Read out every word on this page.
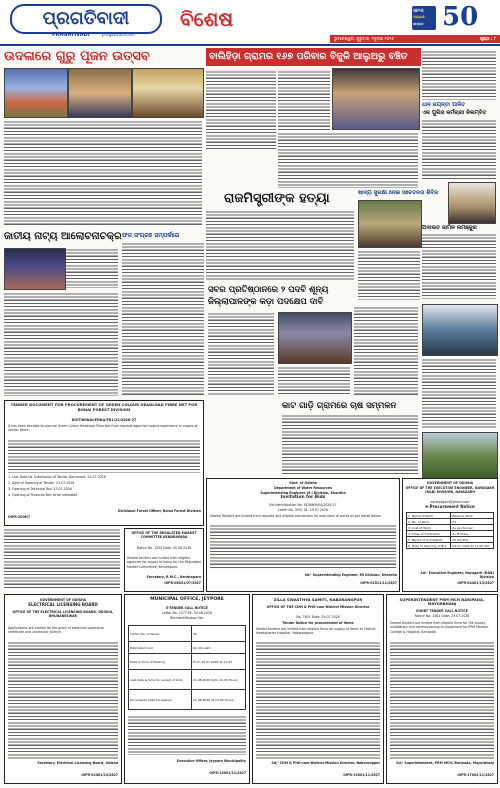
ପ୍ରଗତିବାଦୀ
PRAGATIVADI	pragativadi.com
ବିଶେଷ	ଗୁରୁତ୍ୱ
ଅଗ୍ରଣୀ
ସମ୍ବାଦ 50
ଭୁବନେଶ୍ୱର, ଗୁରୁବାର, ୨ଜୁଲାଇ ୨୦୨୬	ପୃଷ୍ଠା : ୮
ଉଦଳାରେ ଗୁରୁ ପୂଜନ ଉତ୍ସବ	ବାଲିହିଡ଼ା ଗ୍ରାମର ୧୬୭ ପରିବାର ବିଜୁଳି ଆଲୁଅରୁ ବଞ୍ଚିତ
ଧାନ ଜୟନ୍ତୀ ପାଳିତ
ଏକ ପୁଲିସ କର୍ମଚାରୀ ନିଲମ୍ବିତ
ଅଦାଲତ ଜାମିନ ନାମଞ୍ଜୁର
ରାଜମିସ୍ତ୍ରୀଙ୍କ ହତ୍ୟା	ଖାଦ୍ୟ ସୁରକ୍ଷା ନେଇ ସଚେତନତା ଶିବିର
ଜାତୀୟ ନାଟ୍ୟ ଆଲୋଚନାଚକ୍ର ଫଳ ସଂଗ୍ରହ ସମ୍ପର୍କରେ
ସବର ପ୍ରତିଷ୍ଠାନରେ ୨ ପଦବି ଶୂନ୍ୟ
ଜିଲ୍ଲାପାଳଙ୍କ କଡ଼ା ପଦକ୍ଷେପ ଦାବି
କାଟ ଗାଡ଼ି ଗ୍ରାମରେ ଚାଷ ସମ୍ମଳନ
TENDER DOCUMENT FOR PROCUREMENT OF GREEN COLOUR HEADLOAD FIBRE NET FOR BONAI FOREST DIVISION
DIST-BONAI/FDRA/FR1/22/2026-27
It has been decided to procure Green Colour Headload Fibre Net from reputed agencies having experience in supply of similar items.
1. Last Date for Submission of Tender Document: 22.07.2026
2. Date of Opening of Tender: 23.07.2026
3. Opening of Technical Bid: 23.07.2026
4. Opening of Financial Bid: to be intimated
Divisional Forest Officer, Bonai Forest Division
OIPR-2006/7
Govt. of Odisha
Department of Water Resources
Superintending Engineer, M.I Division, Khordha
Invitation for Bids
Bid Identification No. SE/MIKH/04/2026-27
Letter No. 3551 Dt. 29.07.2026
Sealed Tenders are invited from reputed and eligible contractors for execution of works as per detail below.
Sd/- Superintending Engineer, MI Division, Khordha
OIPR-02511/11/2627
GOVERNMENT OF ODISHA
OFFICE OF THE EXECUTIVE ENGINEER, NAYAGARH (R&B) DIVISION, NAYAGARH
eenayagarh@gmail.com
e-Procurement Notice
1. Name of Work	Balance Work
2. No. of Work	01
3. Cost of Work	As per tender
4. Class of Contractor	A / B Class
5. Period of Completion	06 Months
6. Date of Opening of Bid	04.07.2026 at 11:00 AM
Sd/- Executive Engineer, Nayagarh (R&B) Division
OIPR-04401/13/2627
GOVERNMENT OF ODISHA
ELECTRICAL LICENSING BOARD
OFFICE OF THE ELECTRICAL LICENSING BOARD, ODISHA, BHUBANESWAR
Applications are invited for the grant of electrical supervisor certificate and contractor licence.
Secretary, Electrical Licensing Board, Odisha
OIPR-02001/23/2627
MUNICIPAL OFFICE, JEYPORE
E-TENDER CALL NOTICE
Letter No. 1577 Dt. 30.06.2026
Bid Identification No.
TOTAL No. of Works	30
Estimated Cost	Rs. 00 Lakh
Date & Time of Bidding	From 10.07.2026 at 11.00
Last date & time for receipt of bids	11.08.2026 Upto 11:00 Hours
Documents shall be opened	11.08.2026 at 12:00 Hours
Executive Officer, Jeypore Municipality
OIPR-13001/11/2627
ZILLA SWASTHYA SAMITI, NABARANGPUR
OFFICE OF THE CDM & PHO-cum-District Mission Director
No. 7601 Date: 29.07.2026
Tender Notice for procurement of items
Sealed tenders are invited from eligible firms for supply of items to District Headquarter Hospital, Nabarangpur.
Sd/- CDM & PHO-cum-District Mission Director, Nabarangpur
OIPR-13001/11/2627
SUPERINTENDENT PRM MCH BARIPADA, MAYURBHANJ
SHORT TENDER CALL NOTICE
Notice No. 1461 Date: 29.07.2026
Sealed tenders are invited from eligible firms for the supply, installation and commissioning of equipment for PRM Medical College & Hospital, Baripada.
Sd/- Superintendent, PRM MCH, Baripada, Mayurbhanj
OIPR-17002/11/2627
OFFICE OF THE REGULATED MARKET COMMITTEE KENDRAPARA
Notice No. 1055 Date: 30.06.2026
Sealed tenders are invited from eligible agencies for supply of items for the Regulated Market Committee, Kendrapara.
Secretary, R.M.C., Kendrapara
OIPR-06031/07/2627
